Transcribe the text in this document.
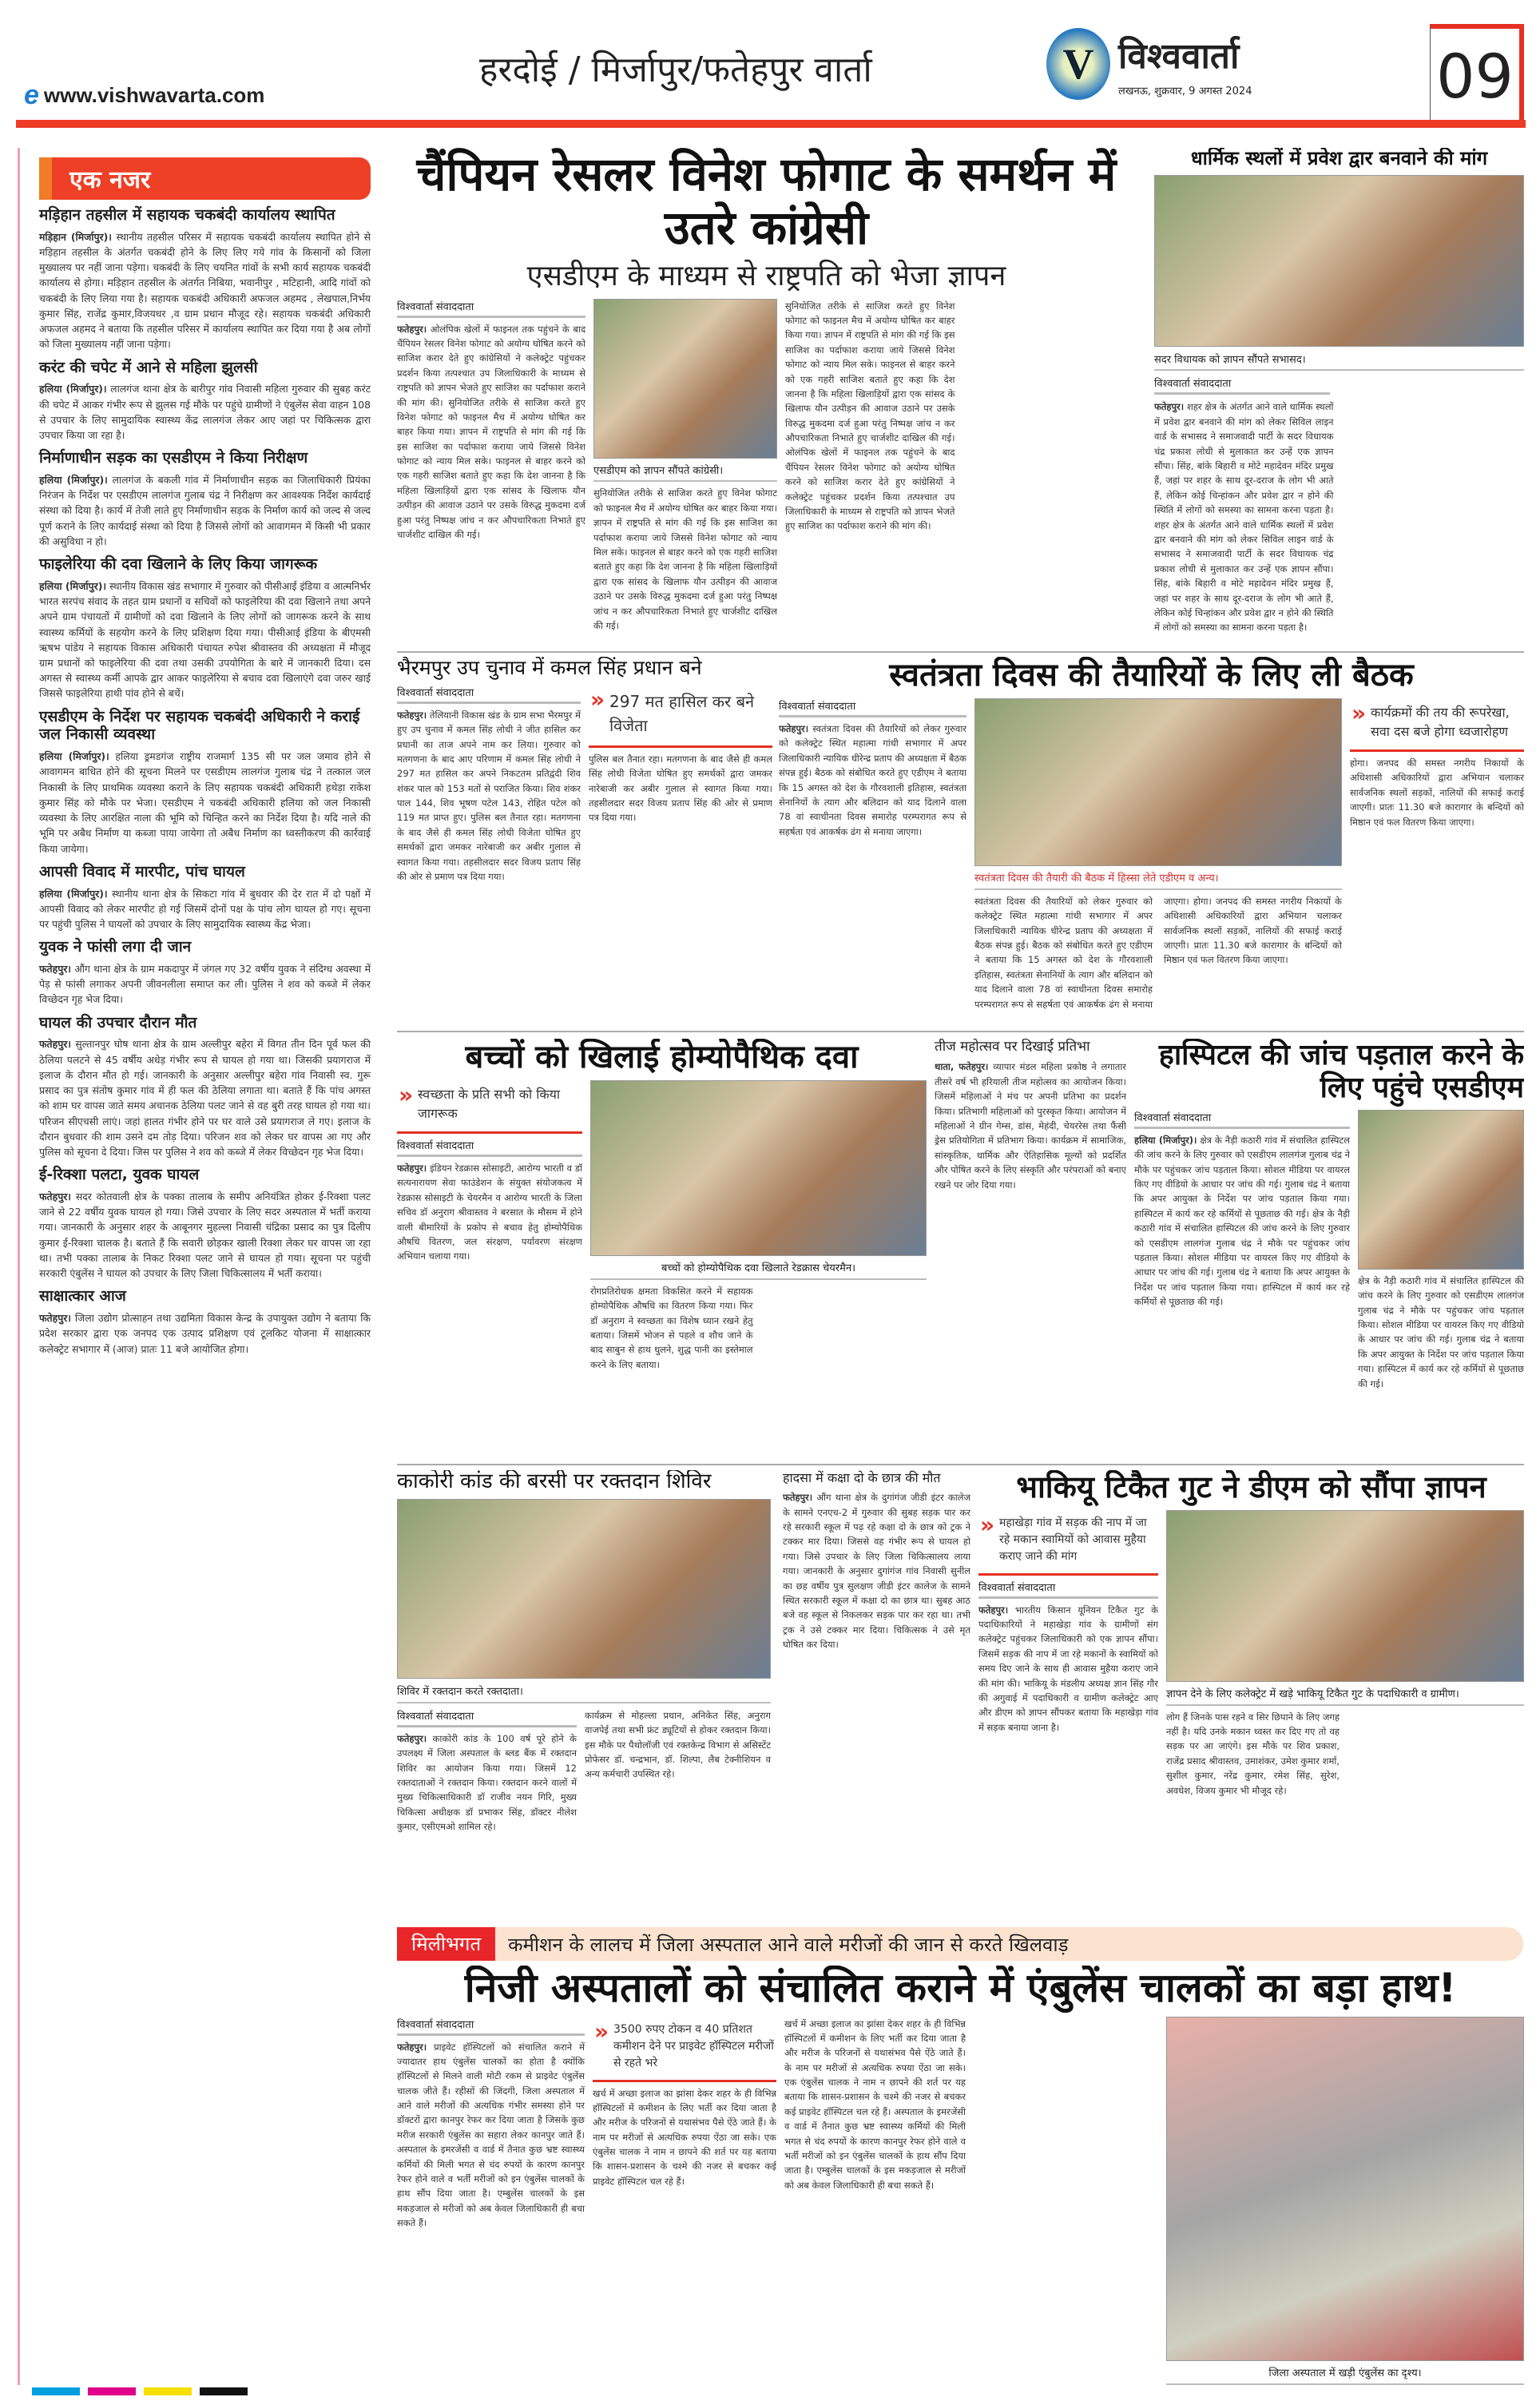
e www.vishwavarta.com
हरदोई / मिर्जापुर/फतेहपुर वार्ता	V विश्ववार्ता
लखनऊ, शुक्रवार, 9 अगस्त 2024	09
एक नजर
मड़िहान तहसील में सहायक चकबंदी कार्यालय स्थापित
मड़िहान (मिर्जापुर)। स्थानीय तहसील परिसर में सहायक चकबंदी कार्यालय स्थापित होने से मड़िहान तहसील के अंतर्गत चकबंदी होने के लिए लिए गये गांव के किसानों को जिला मुख्यालय पर नहीं जाना पड़ेगा। चकबंदी के लिए चयनित गांवों के सभी कार्य सहायक चकबंदी कार्यालय से होगा। मड़िहान तहसील के अंतर्गत निबिया, भवानीपुर , मटिहानी, आदि गांवों को चकबंदी के लिए लिया गया है। सहायक चकबंदी अधिकारी अफजल अहमद , लेखपाल,निर्भय कुमार सिंह, राजेंद्र कुमार,विजयधर ,व ग्राम प्रधान मौजूद रहे। सहायक चकबंदी अधिकारी अफजल अहमद ने बताया कि तहसील परिसर में कार्यालय स्थापित कर दिया गया है अब लोगों को जिला मुख्यालय नहीं जाना पड़ेगा।
करंट की चपेट में आने से महिला झुलसी
हलिया (मिर्जापुर)। लालगंज थाना क्षेत्र के बारीपुर गांव निवासी महिला गुरुवार की सुबह करंट की चपेट में आकर गंभीर रूप से झुलस गई मौके पर पहुंचे ग्रामीणों ने एंबुलेंस सेवा वाहन 108 से उपचार के लिए सामुदायिक स्वास्थ्य केंद्र लालगंज लेकर आए जहां पर चिकित्सक द्वारा उपचार किया जा रहा है।
निर्माणाधीन सड़क का एसडीएम ने किया निरीक्षण
हलिया (मिर्जापुर)। लालगंज के बकली गांव में निर्माणाधीन सड़क का जिलाधिकारी प्रियंका निरंजन के निर्देश पर एसडीएम लालगंज गुलाब चंद्र ने निरीक्षण कर आवश्यक निर्देश कार्यदाई संस्था को दिया है। कार्य में तेजी लाते हुए निर्माणाधीन सड़क के निर्माण कार्य को जल्द से जल्द पूर्ण कराने के लिए कार्यदाई संस्था को दिया है जिससे लोगों को आवागमन में किसी भी प्रकार की असुविधा न हो।
फाइलेरिया की दवा खिलाने के लिए किया जागरूक
हलिया (मिर्जापुर)। स्थानीय विकास खंड सभागार में गुरुवार को पीसीआई इंडिया व आत्मनिर्भर भारत सरपंच संवाद के तहत ग्राम प्रधानों व सचिवों को फाइलेरिया की दवा खिलाने तथा अपने अपने ग्राम पंचायतों में ग्रामीणों को दवा खिलाने के लिए लोगों को जागरूक करने के साथ स्वास्थ्य कर्मियों के सहयोग करने के लिए प्रशिक्षण दिया गया। पीसीआई इंडिया के बीएमसी ऋषभ पांडेय ने सहायक विकास अधिकारी पंचायत रुपेश श्रीवास्तव की अध्यक्षता में मौजूद ग्राम प्रधानों को फाइलेरिया की दवा तथा उसकी उपयोगिता के बारे में जानकारी दिया। दस अगस्त से स्वास्थ्य कर्मी आपके द्वार आकर फाइलेरिया से बचाव दवा खिलाएंगे दवा जरुर खाई जिससे फाइलेरिया हाथी पांव होने से बचें।
एसडीएम के निर्देश पर सहायक चकबंदी अधिकारी ने कराई जल निकासी व्यवस्था
हलिया (मिर्जापुर)। हलिया ड्रमडगंज राष्ट्रीय राजमार्ग 135 सी पर जल जमाव होने से आवागमन बाधित होने की सूचना मिलने पर एसडीएम लालगंज गुलाब चंद्र ने तत्काल जल निकासी के लिए प्राथमिक व्यवस्था कराने के लिए सहायक चकबंदी अधिकारी हथेड़ा राकेश कुमार सिंह को मौके पर भेजा। एसडीएम ने चकबंदी अधिकारी हलिया को जल निकासी व्यवस्था के लिए आरक्षित नाला की भूमि को चिन्हित करने का निर्देश दिया है। यदि नाले की भूमि पर अबैध निर्माण या कब्जा पाया जायेगा तो अबैध निर्माण का ध्वस्तीकरण की कार्रवाई किया जायेगा।
आपसी विवाद में मारपीट, पांच घायल
हलिया (मिर्जापुर)। स्थानीय थाना क्षेत्र के सिकटा गांव में बुधवार की देर रात में दो पक्षों में आपसी विवाद को लेकर मारपीट हो गई जिसमें दोनों पक्ष के पांच लोग घायल हो गए। सूचना पर पहुंची पुलिस ने घायलों को उपचार के लिए सामुदायिक स्वास्थ्य केंद्र भेजा।
युवक ने फांसी लगा दी जान
फतेहपुर। औंग थाना क्षेत्र के ग्राम मकदापुर में जंगल गए 32 वर्षीय युवक ने संदिग्ध अवस्था में पेड़ से फांसी लगाकर अपनी जीवनलीला समाप्त कर ली। पुलिस ने शव को कब्जे में लेकर विच्छेदन गृह भेज दिया।
घायल की उपचार दौरान मौत
फतेहपुर। सुल्तानपुर घोष थाना क्षेत्र के ग्राम अल्लीपुर बहेरा में विगत तीन दिन पूर्व फल की ठेलिया पलटने से 45 वर्षीय अधेड़ गंभीर रूप से घायल हो गया था। जिसकी प्रयागराज में इलाज के दौरान मौत हो गई। जानकारी के अनुसार अल्लीपुर बहेरा गांव निवासी स्व. गुरू प्रसाद का पुत्र संतोष कुमार गांव में ही फल की ठेलिया लगाता था। बताते हैं कि पांच अगस्त को शाम घर वापस जाते समय अचानक ठेलिया पलट जाने से वह बुरी तरह घायल हो गया था। परिजन सीएचसी लाएं। जहां हालत गंभीर होने पर घर वाले उसे प्रयागराज ले गए। इलाज के दौरान बुधवार की शाम उसने दम तोड़ दिया। परिजन शव को लेकर घर वापस आ गए और पुलिस को सूचना दे दिया। जिस पर पुलिस ने शव को कब्जे में लेकर विच्छेदन गृह भेज दिया।
ई-रिक्शा पलटा, युवक घायल
फतेहपुर। सदर कोतवाली क्षेत्र के पक्का तालाब के समीप अनियंत्रित होकर ई-रिक्शा पलट जाने से 22 वर्षीय युवक घायल हो गया। जिसे उपचार के लिए सदर अस्पताल में भर्ती कराया गया। जानकारी के अनुसार शहर के आबूनगर मुहल्ला निवासी चंद्रिका प्रसाद का पुत्र दिलीप कुमार ई-रिक्शा चालक है। बताते हैं कि सवारी छोड़कर खाली रिक्शा लेकर घर वापस जा रहा था। तभी पक्का तालाब के निकट रिक्शा पलट जाने से घायल हो गया। सूचना पर पहुंची सरकारी एंबुलेंस ने घायल को उपचार के लिए जिला चिकित्सालय में भर्ती कराया।
साक्षात्कार आज
फतेहपुर। जिला उद्योग प्रोत्साहन तथा उद्यमिता विकास केन्द्र के उपायुक्त उद्योग ने बताया कि प्रदेश सरकार द्वारा एक जनपद एक उत्पाद प्रशिक्षण एवं टूलकिट योजना में साक्षात्कार कलेक्ट्रेट सभागार में (आज) प्रातः 11 बजे आयोजित होगा।
चैंपियन रेसलर विनेश फोगाट के समर्थन में उतरे कांग्रेसी
एसडीएम के माध्यम से राष्ट्रपति को भेजा ज्ञापन
विश्ववार्ता संवाददाता
फतेहपुर। ओलंपिक खेलों में फाइनल तक पहुंचने के बाद चैंपियन रेसलर विनेश फोगाट को अयोग्य घोषित करने को साजिश करार देते हुए कांग्रेसियों ने कलेक्ट्रेट पहुंचकर प्रदर्शन किया तत्पश्चात उप जिलाधिकारी के माध्यम से राष्ट्रपति को ज्ञापन भेजते हुए साजिश का पर्दाफाश कराने की मांग की। सुनियोजित तरीके से साजिश करते हुए विनेश फोगाट को फाइनल मैच में अयोग्य घोषित कर बाहर किया गया। ज्ञापन में राष्ट्रपति से मांग की गई कि इस साजिश का पर्दाफाश कराया जाये जिससे विनेश फोगाट को न्याय मिल सके। फाइनल से बाहर करने को एक गहरी साजिश बताते हुए कहा कि देश जानना है कि महिला खिलाड़ियों द्वारा एक सांसद के खिलाफ यौन उत्पीड़न की आवाज उठाने पर उसके विरुद्ध मुकदमा दर्ज हुआ परंतु निष्पक्ष जांच न कर औपचारिकता निभाते हुए चार्जशीट दाखिल की गई।
एसडीएम को ज्ञापन सौंपते कांग्रेसी।
सुनियोजित तरीके से साजिश करते हुए विनेश फोगाट को फाइनल मैच में अयोग्य घोषित कर बाहर किया गया। ज्ञापन में राष्ट्रपति से मांग की गई कि इस साजिश का पर्दाफाश कराया जाये जिससे विनेश फोगाट को न्याय मिल सके। फाइनल से बाहर करने को एक गहरी साजिश बताते हुए कहा कि देश जानना है कि महिला खिलाड़ियों द्वारा एक सांसद के खिलाफ यौन उत्पीड़न की आवाज उठाने पर उसके विरुद्ध मुकदमा दर्ज हुआ परंतु निष्पक्ष जांच न कर औपचारिकता निभाते हुए चार्जशीट दाखिल की गई।
सुनियोजित तरीके से साजिश करते हुए विनेश फोगाट को फाइनल मैच में अयोग्य घोषित कर बाहर किया गया। ज्ञापन में राष्ट्रपति से मांग की गई कि इस साजिश का पर्दाफाश कराया जाये जिससे विनेश फोगाट को न्याय मिल सके। फाइनल से बाहर करने को एक गहरी साजिश बताते हुए कहा कि देश जानना है कि महिला खिलाड़ियों द्वारा एक सांसद के खिलाफ यौन उत्पीड़न की आवाज उठाने पर उसके विरुद्ध मुकदमा दर्ज हुआ परंतु निष्पक्ष जांच न कर औपचारिकता निभाते हुए चार्जशीट दाखिल की गई। ओलंपिक खेलों में फाइनल तक पहुंचने के बाद चैंपियन रेसलर विनेश फोगाट को अयोग्य घोषित करने को साजिश करार देते हुए कांग्रेसियों ने कलेक्ट्रेट पहुंचकर प्रदर्शन किया तत्पश्चात उप जिलाधिकारी के माध्यम से राष्ट्रपति को ज्ञापन भेजते हुए साजिश का पर्दाफाश कराने की मांग की।
धार्मिक स्थलों में प्रवेश द्वार बनवाने की मांग
सदर विधायक को ज्ञापन सौंपते सभासद।
विश्ववार्ता संवाददाता
फतेहपुर। शहर क्षेत्र के अंतर्गत आने वाले धार्मिक स्थलों में प्रवेश द्वार बनवाने की मांग को लेकर सिविल लाइन वार्ड के सभासद ने समाजवादी पार्टी के सदर विधायक चंद्र प्रकाश लोधी से मुलाकात कर उन्हें एक ज्ञापन सौंपा। सिंह, बांके बिहारी व मोटे महादेवन मंदिर प्रमुख हैं, जहां पर शहर के साथ दूर-दराज के लोग भी आते हैं, लेकिन कोई चिन्हांकन और प्रवेश द्वार न होने की स्थिति में लोगों को समस्या का सामना करना पड़ता है। शहर क्षेत्र के अंतर्गत आने वाले धार्मिक स्थलों में प्रवेश द्वार बनवाने की मांग को लेकर सिविल लाइन वार्ड के सभासद ने समाजवादी पार्टी के सदर विधायक चंद्र प्रकाश लोधी से मुलाकात कर उन्हें एक ज्ञापन सौंपा। सिंह, बांके बिहारी व मोटे महादेवन मंदिर प्रमुख हैं, जहां पर शहर के साथ दूर-दराज के लोग भी आते हैं, लेकिन कोई चिन्हांकन और प्रवेश द्वार न होने की स्थिति में लोगों को समस्या का सामना करना पड़ता है।
भैरमपुर उप चुनाव में कमल सिंह प्रधान बने
विश्ववार्ता संवाददाता
फतेहपुर। तेलियानी विकास खंड के ग्राम सभा भैरमपुर में हुए उप चुनाव में कमल सिंह लोधी ने जीत हासिल कर प्रधानी का ताज अपने नाम कर लिया। गुरुवार को मतगणना के बाद आए परिणाम में कमल सिंह लोधी ने 297 मत हासिल कर अपने निकटतम प्रतिद्वंदी शिव शंकर पाल को 153 मतों से पराजित किया। शिव शंकर पाल 144, शिव भूषण पटेल 143, रोहित पटेल को 119 मत प्राप्त हुए। पुलिस बल तैनात रहा। मतगणना के बाद जैसे ही कमल सिंह लोधी विजेता घोषित हुए समर्थकों द्वारा जमकर नारेबाजी कर अबीर गुलाल से स्वागत किया गया। तहसीलदार सदर विजय प्रताप सिंह की ओर से प्रमाण पत्र दिया गया।
» 297 मत हासिल कर बने विजेता
पुलिस बल तैनात रहा। मतगणना के बाद जैसे ही कमल सिंह लोधी विजेता घोषित हुए समर्थकों द्वारा जमकर नारेबाजी कर अबीर गुलाल से स्वागत किया गया। तहसीलदार सदर विजय प्रताप सिंह की ओर से प्रमाण पत्र दिया गया।
स्वतंत्रता दिवस की तैयारियों के लिए ली बैठक
विश्ववार्ता संवाददाता
फतेहपुर। स्वतंत्रता दिवस की तैयारियों को लेकर गुरुवार को कलेक्ट्रेट स्थित महात्मा गांधी सभागार में अपर जिलाधिकारी न्यायिक धीरेन्द्र प्रताप की अध्यक्षता में बैठक संपन्न हुई। बैठक को संबोधित करते हुए एडीएम ने बताया कि 15 अगस्त को देश के गौरवशाली इतिहास, स्वतंत्रता सेनानियों के त्याग और बलिदान को याद दिलाने वाला 78 वां स्वाधीनता दिवस समारोह परम्परागत रूप से सहर्षता एवं आकर्षक ढंग से मनाया जाएगा।
स्वतंत्रता दिवस की तैयारी की बैठक में हिस्सा लेते एडीएम व अन्य।
स्वतंत्रता दिवस की तैयारियों को लेकर गुरुवार को कलेक्ट्रेट स्थित महात्मा गांधी सभागार में अपर जिलाधिकारी न्यायिक धीरेन्द्र प्रताप की अध्यक्षता में बैठक संपन्न हुई। बैठक को संबोधित करते हुए एडीएम ने बताया कि 15 अगस्त को देश के गौरवशाली इतिहास, स्वतंत्रता सेनानियों के त्याग और बलिदान को याद दिलाने वाला 78 वां स्वाधीनता दिवस समारोह परम्परागत रूप से सहर्षता एवं आकर्षक ढंग से मनाया जाएगा। होगा। जनपद की समस्त नगरीय निकायों के अधिशासी अधिकारियों द्वारा अभियान चलाकर सार्वजनिक स्थलों सड़कों, नालियों की सफाई कराई जाएगी। प्रातः 11.30 बजे कारागार के बन्दियों को मिष्ठान एवं फल वितरण किया जाएगा।
» कार्यक्रमों की तय की रूपरेखा, सवा दस बजे होगा ध्वजारोहण
होगा। जनपद की समस्त नगरीय निकायों के अधिशासी अधिकारियों द्वारा अभियान चलाकर सार्वजनिक स्थलों सड़कों, नालियों की सफाई कराई जाएगी। प्रातः 11.30 बजे कारागार के बन्दियों को मिष्ठान एवं फल वितरण किया जाएगा।
बच्चों को खिलाई होम्योपैथिक दवा
» स्वच्छता के प्रति सभी को किया जागरूक
विश्ववार्ता संवाददाता
फतेहपुर। इंडियन रेडक्रास सोसाइटी, आरोग्य भारती व डॉ सत्यनारायण सेवा फाउंडेशन के संयुक्त संयोजकत्व में रेडक्रास सोसाइटी के चेयरमैन व आरोग्य भारती के जिला सचिव डॉ अनुराग श्रीवास्तव ने बरसात के मौसम में होने वाली बीमारियों के प्रकोप से बचाव हेतु होम्योपैथिक औषधि वितरण, जल संरक्षण, पर्यावरण संरक्षण अभियान चलाया गया।
बच्चों को होम्योपैथिक दवा खिलाते रेडक्रास चेयरमैन।
रोगप्रतिरोधक क्षमता विकसित करने में सहायक होम्योपैथिक औषधि का वितरण किया गया। फिर डॉ अनुराग ने स्वच्छता का विशेष ध्यान रखने हेतु बताया। जिसमें भोजन से पहले व शौच जाने के बाद साबुन से हाथ धुलने, शुद्ध पानी का इस्तेमाल करने के लिए बताया।
तीज महोत्सव पर दिखाई प्रतिभा
थाता, फतेहपुर। व्यापार मंडल महिला प्रकोष्ठ ने लगातार तीसरे वर्ष भी हरियाली तीज महोत्सव का आयोजन किया। जिसमें महिलाओं ने मंच पर अपनी प्रतिभा का प्रदर्शन किया। प्रतिभागी महिलाओं को पुरस्कृत किया। आयोजन में महिलाओं ने ग्रीन गेम्स, डांस, मेहंदी, चेयररेस तथा फैंसी ड्रेस प्रतियोगिता में प्रतिभाग किया। कार्यक्रम में सामाजिक, सांस्कृतिक, धार्मिक और ऐतिहासिक मूल्यों को प्रदर्शित और पोषित करने के लिए संस्कृति और परंपराओं को बनाए रखने पर जोर दिया गया।
हास्पिटल की जांच पड़ताल करने के लिए पहुंचे एसडीएम
विश्ववार्ता संवाददाता
हलिया (मिर्जापुर)। क्षेत्र के नैड़ी कठारी गांव में संचालित हास्पिटल की जांच करने के लिए गुरुवार को एसडीएम लालगंज गुलाब चंद्र ने मौके पर पहुंचकर जांच पड़ताल किया। सोशल मीडिया पर वायरल किए गए वीडियो के आधार पर जांच की गई। गुलाब चंद्र ने बताया कि अपर आयुक्त के निर्देश पर जांच पड़ताल किया गया। हास्पिटल में कार्य कर रहे कर्मियों से पूछताछ की गई। क्षेत्र के नैड़ी कठारी गांव में संचालित हास्पिटल की जांच करने के लिए गुरुवार को एसडीएम लालगंज गुलाब चंद्र ने मौके पर पहुंचकर जांच पड़ताल किया। सोशल मीडिया पर वायरल किए गए वीडियो के आधार पर जांच की गई। गुलाब चंद्र ने बताया कि अपर आयुक्त के निर्देश पर जांच पड़ताल किया गया। हास्पिटल में कार्य कर रहे कर्मियों से पूछताछ की गई।
क्षेत्र के नैड़ी कठारी गांव में संचालित हास्पिटल की जांच करने के लिए गुरुवार को एसडीएम लालगंज गुलाब चंद्र ने मौके पर पहुंचकर जांच पड़ताल किया। सोशल मीडिया पर वायरल किए गए वीडियो के आधार पर जांच की गई। गुलाब चंद्र ने बताया कि अपर आयुक्त के निर्देश पर जांच पड़ताल किया गया। हास्पिटल में कार्य कर रहे कर्मियों से पूछताछ की गई।
काकोरी कांड की बरसी पर रक्तदान शिविर
शिविर में रक्तदान करते रक्तदाता।
विश्ववार्ता संवाददाता
फतेहपुर। काकोरी कांड के 100 वर्ष पूरे होने के उपलक्ष्य में जिला अस्पताल के ब्लड बैंक में रक्तदान शिविर का आयोजन किया गया। जिसमें 12 रक्तदाताओं ने रक्तदान किया। रक्तदान करने वालों में मुख्य चिकित्साधिकारी डॉ राजीव नयन गिरि, मुख्य चिकित्सा अधीक्षक डॉ प्रभाकर सिंह, डॉक्टर नीलेश कुमार, एसीएमओ शामिल रहे।
कार्यक्रम से मोहल्ला प्रधान, अनिकेत सिंह, अनुराग वाजपेई तथा सभी फ्रंट ड्यूटियों से होकर रक्तदान किया। इस मौके पर पैथोलॉजी एवं रक्तकेन्द्र विभाग से असिस्टेंट प्रोफेसर डॉ. चन्द्रभान, डॉ. शिल्पा, लैब टेक्नीशियन व अन्य कर्मचारी उपस्थित रहे।
हादसा में कक्षा दो के छात्र की मौत
फतेहपुर। औंग थाना क्षेत्र के दुगांगंज जीडी इंटर कालेज के सामने एनएच-2 में गुरुवार की सुबह सड़क पार कर रहे सरकारी स्कूल में पढ़ रहे कक्षा दो के छात्र को ट्रक ने टक्कर मार दिया। जिससे वह गंभीर रूप से घायल हो गया। जिसे उपचार के लिए जिला चिकित्सालय लाया गया। जानकारी के अनुसार दुगांगंज गांव निवासी सुनील का छह वर्षीय पुत्र सुलक्षण जीडी इंटर कालेज के सामने स्थित सरकारी स्कूल में कक्षा दो का छात्र था। सुबह आठ बजे वह स्कूल से निकलकर सड़क पार कर रहा था। तभी ट्रक ने उसे टक्कर मार दिया। चिकित्सक ने उसे मृत घोषित कर दिया।
भाकियू टिकैत गुट ने डीएम को सौंपा ज्ञापन
» महाखेड़ा गांव में सड़क की नाप में जा रहे मकान स्वामियों को आवास मुहैया कराए जाने की मांग
विश्ववार्ता संवाददाता
फतेहपुर। भारतीय किसान यूनियन टिकैत गुट के पदाधिकारियों ने महाखेड़ा गांव के ग्रामीणों संग कलेक्ट्रेट पहुंचकर जिलाधिकारी को एक ज्ञापन सौंपा। जिसमें सड़क की नाप में जा रहे मकानों के स्वामियों को समय दिए जाने के साथ ही आवास मुहैया कराए जाने की मांग की। भाकियू के मंडलीय अध्यक्ष ज्ञान सिंह गौर की अगुवाई में पदाधिकारी व ग्रामीण कलेक्ट्रेट आए और डीएम को ज्ञापन सौंपकर बताया कि महाखेड़ा गांव में सड़क बनाया जाना है।
ज्ञापन देने के लिए कलेक्ट्रेट में खड़े भाकियू टिकैत गुट के पदाधिकारी व ग्रामीण।
लोग हैं जिनके पास रहने व सिर छिपाने के लिए जगह नहीं है। यदि उनके मकान ध्वस्त कर दिए गए तो वह सड़क पर आ जाएंगे। इस मौके पर शिव प्रकाश, राजेंद्र प्रसाद श्रीवास्तव, उमाशंकर, उमेश कुमार शर्मा, सुशील कुमार, नरेंद्र कुमार, रमेश सिंह, सुरेश, अवधेश, विजय कुमार भी मौजूद रहे।
मिलीभगत	कमीशन के लालच में जिला अस्पताल आने वाले मरीजों की जान से करते खिलवाड़
निजी अस्पतालों को संचालित कराने में एंबुलेंस चालकों का बड़ा हाथ!
विश्ववार्ता संवाददाता
फतेहपुर। प्राइवेट हॉस्पिटलों को संचालित कराने में ज्यादातर हाथ एंबुलेंस चालकों का होता है क्योंकि हॉस्पिटलों से मिलने वाली मोटी रकम से प्राइवेट एंबुलेंस चालक जीते हैं। रहीसों की जिंदगी, जिला अस्पताल में आने वाले मरीजों की अत्यधिक गंभीर समस्या होने पर डॉक्टरों द्वारा कानपुर रेफर कर दिया जाता है जिसके कुछ मरीज सरकारी एंबुलेंस का सहारा लेकर कानपुर जाते हैं। अस्पताल के इमरजेंसी व वार्ड में तैनात कुछ भ्रष्ट स्वास्थ्य कर्मियों की मिली भगत से चंद रुपयों के कारण कानपुर रेफर होने वाले व भर्ती मरीजों को इन एंबुलेंस चालकों के हाथ सौंप दिया जाता है। एम्बुलेंस चालकों के इस मकड़जाल से मरीजों को अब केवल जिलाधिकारी ही बचा सकते हैं।
» 3500 रुपए टोकन व 40 प्रतिशत कमीशन देने पर प्राइवेट हॉस्पिटल मरीजों से रहते भरे
खर्च में अच्छा इलाज का झांसा देकर शहर के ही विभिन्न हॉस्पिटलों में कमीशन के लिए भर्ती कर दिया जाता है और मरीज के परिजनों से यथासंभव पैसे ऐंठे जाते हैं। के नाम पर मरीजों से अत्यधिक रुपया ऐंठा जा सके। एक एंबुलेंस चालक ने नाम न छापने की शर्त पर यह बताया कि शासन-प्रशासन के चश्मे की नजर से बचकर कई प्राइवेट हॉस्पिटल चल रहे हैं।
खर्च में अच्छा इलाज का झांसा देकर शहर के ही विभिन्न हॉस्पिटलों में कमीशन के लिए भर्ती कर दिया जाता है और मरीज के परिजनों से यथासंभव पैसे ऐंठे जाते हैं। के नाम पर मरीजों से अत्यधिक रुपया ऐंठा जा सके। एक एंबुलेंस चालक ने नाम न छापने की शर्त पर यह बताया कि शासन-प्रशासन के चश्मे की नजर से बचकर कई प्राइवेट हॉस्पिटल चल रहे हैं। अस्पताल के इमरजेंसी व वार्ड में तैनात कुछ भ्रष्ट स्वास्थ्य कर्मियों की मिली भगत से चंद रुपयों के कारण कानपुर रेफर होने वाले व भर्ती मरीजों को इन एंबुलेंस चालकों के हाथ सौंप दिया जाता है। एम्बुलेंस चालकों के इस मकड़जाल से मरीजों को अब केवल जिलाधिकारी ही बचा सकते हैं।
जिला अस्पताल में खड़ी एंबुलेंस का दृश्य।
